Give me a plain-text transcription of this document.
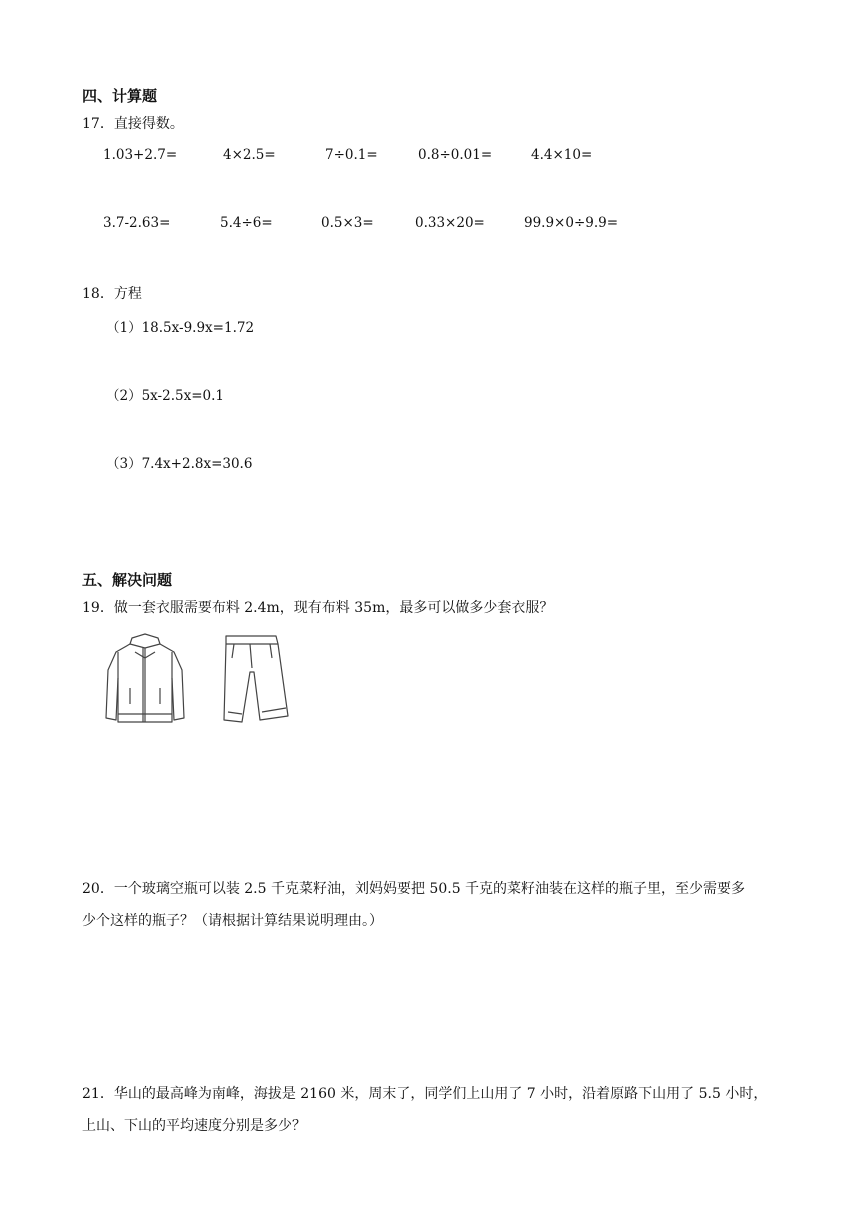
四、计算题
17．直接得数。
1.03+2.7=	4×2.5=	7÷0.1=	0.8÷0.01=	4.4×10=
3.7-2.63=	5.4÷6=	0.5×3=	0.33×20=	99.9×0÷9.9=
18．方程
（1）18.5x-9.9x=1.72
（2）5x-2.5x=0.1
（3）7.4x+2.8x=30.6
五、解决问题
19．做一套衣服需要布料 2.4m，现有布料 35m，最多可以做多少套衣服？
20．一个玻璃空瓶可以装 2.5 千克菜籽油，刘妈妈要把 50.5 千克的菜籽油装在这样的瓶子里，至少需要多
少个这样的瓶子？（请根据计算结果说明理由。）
21．华山的最高峰为南峰，海拔是 2160 米，周末了，同学们上山用了 7 小时，沿着原路下山用了 5.5 小时，
上山、下山的平均速度分别是多少？
